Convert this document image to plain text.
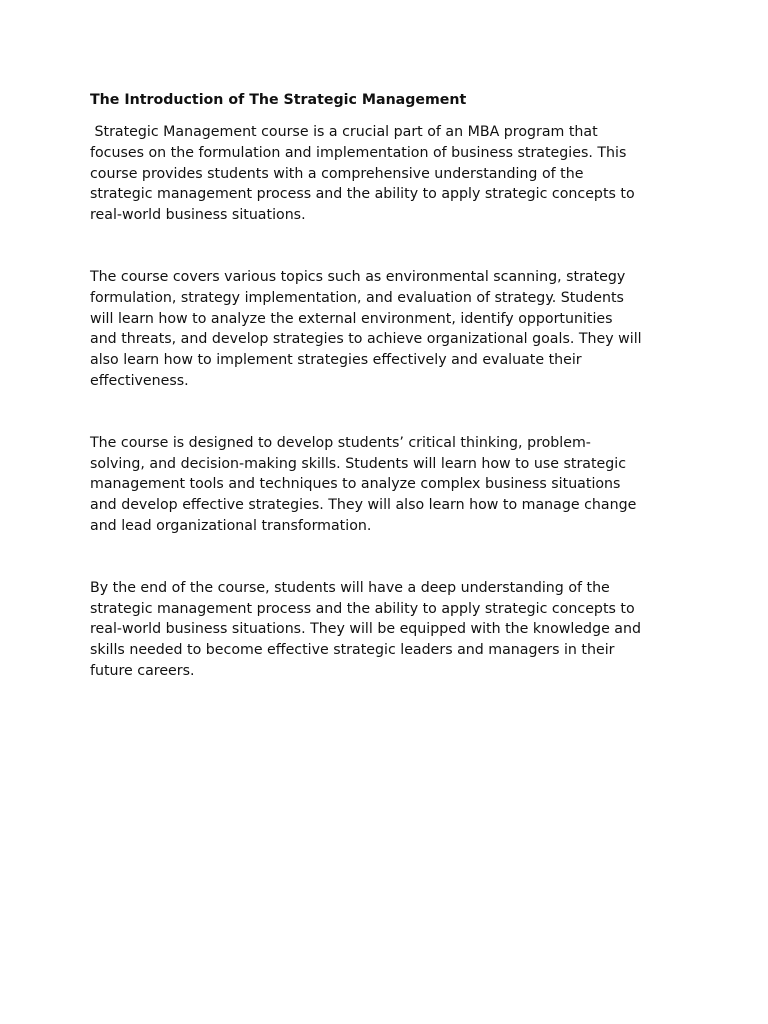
The Introduction of The Strategic Management

Strategic Management course is a crucial part of an MBA program that
focuses on the formulation and implementation of business strategies. This
course provides students with a comprehensive understanding of the
strategic management process and the ability to apply strategic concepts to
real-world business situations.

The course covers various topics such as environmental scanning, strategy
formulation, strategy implementation, and evaluation of strategy. Students
will learn how to analyze the external environment, identify opportunities
and threats, and develop strategies to achieve organizational goals. They will
also learn how to implement strategies effectively and evaluate their
effectiveness.

The course is designed to develop students’ critical thinking, problem-
solving, and decision-making skills. Students will learn how to use strategic
management tools and techniques to analyze complex business situations
and develop effective strategies. They will also learn how to manage change
and lead organizational transformation.

By the end of the course, students will have a deep understanding of the
strategic management process and the ability to apply strategic concepts to
real-world business situations. They will be equipped with the knowledge and
skills needed to become effective strategic leaders and managers in their
future careers.
